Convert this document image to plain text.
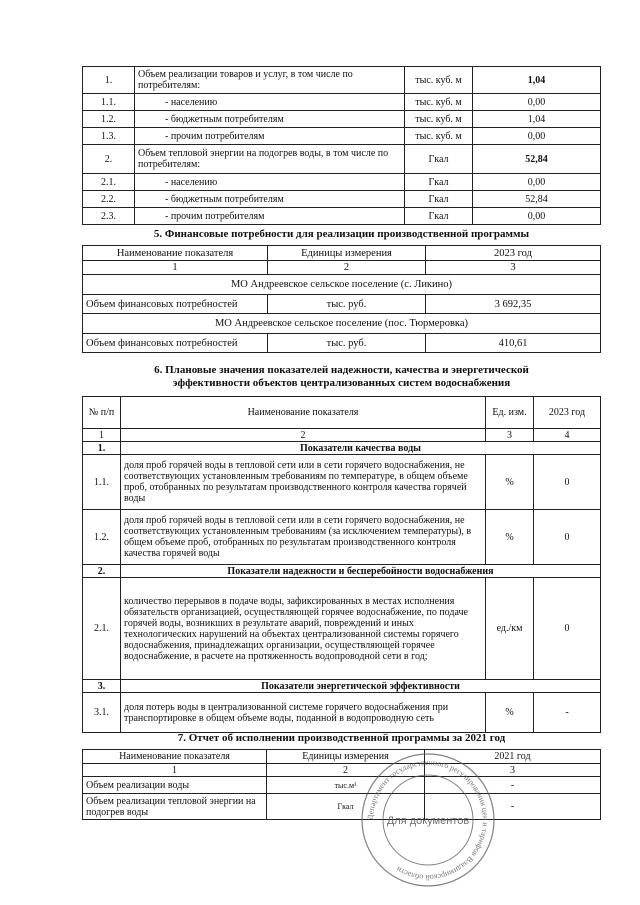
1.	Объем реализации товаров и услуг, в том числе по потребителям:	тыс. куб. м	1,04
1.1.	- населению	тыс. куб. м	0,00
1.2.	- бюджетным потребителям	тыс. куб. м	1,04
1.3.	- прочим потребителям	тыс. куб. м	0,00
2.	Объем тепловой энергии на подогрев воды, в том числе по потребителям:	Гкал	52,84
2.1.	- населению	Гкал	0,00
2.2.	- бюджетным потребителям	Гкал	52,84
2.3.	- прочим потребителям	Гкал	0,00
5. Финансовые потребности для реализации производственной программы
Наименование показателя	Единицы измерения	2023 год
1	2	3
МО Андреевское сельское поселение (с. Ликино)		
Объем финансовых потребностей	тыс. руб.	3 692,35
МО Андреевское сельское поселение (пос. Тюрмеровка)		
Объем финансовых потребностей	тыс. руб.	410,61
6. Плановые значения показателей надежности, качества и энергетической
эффективности объектов централизованных систем водоснабжения
№ п/п	Наименование показателя	Ед. изм.	2023 год
1	2	3	4
1.	Показатели качества воды		
1.1.	доля проб горячей воды в тепловой сети или в сети горячего водоснабжения, не соответствующих установленным требованиям по температуре, в общем объеме проб, отобранных по результатам производственного контроля качества горячей воды	%	0
1.2.	доля проб горячей воды в тепловой сети или в сети горячего водоснабжения, не соответствующих установленным требованиям (за исключением температуры), в общем объеме проб, отобранных по результатам производственного контроля качества горячей воды	%	0
2.	Показатели надежности и бесперебойности водоснабжения		
2.1.	количество перерывов в подаче воды, зафиксированных в местах исполнения обязательств организацией, осуществляющей горячее водоснабжение, по подаче горячей воды, возникших в результате аварий, повреждений и иных технологических нарушений на объектах централизованной системы горячего водоснабжения, принадлежащих организации, осуществляющей горячее водоснабжение, в расчете на протяженность водопроводной сети в год;	ед./км	0
3.	Показатели энергетической эффективности		
3.1.	доля потерь воды в централизованной системе горячего водоснабжения при транспортировке в общем объеме воды, поданной в водопроводную сеть	%	-
7. Отчет об исполнении производственной программы за 2021 год
Наименование показателя	Единицы измерения	2021 год
1	2	3
Объем реализации воды	тыс.м³	-
Объем реализации тепловой энергии на подогрев воды	Гкал	-
Департамент государственного регулирования цен и тарифов Владимирской области
Для документов
